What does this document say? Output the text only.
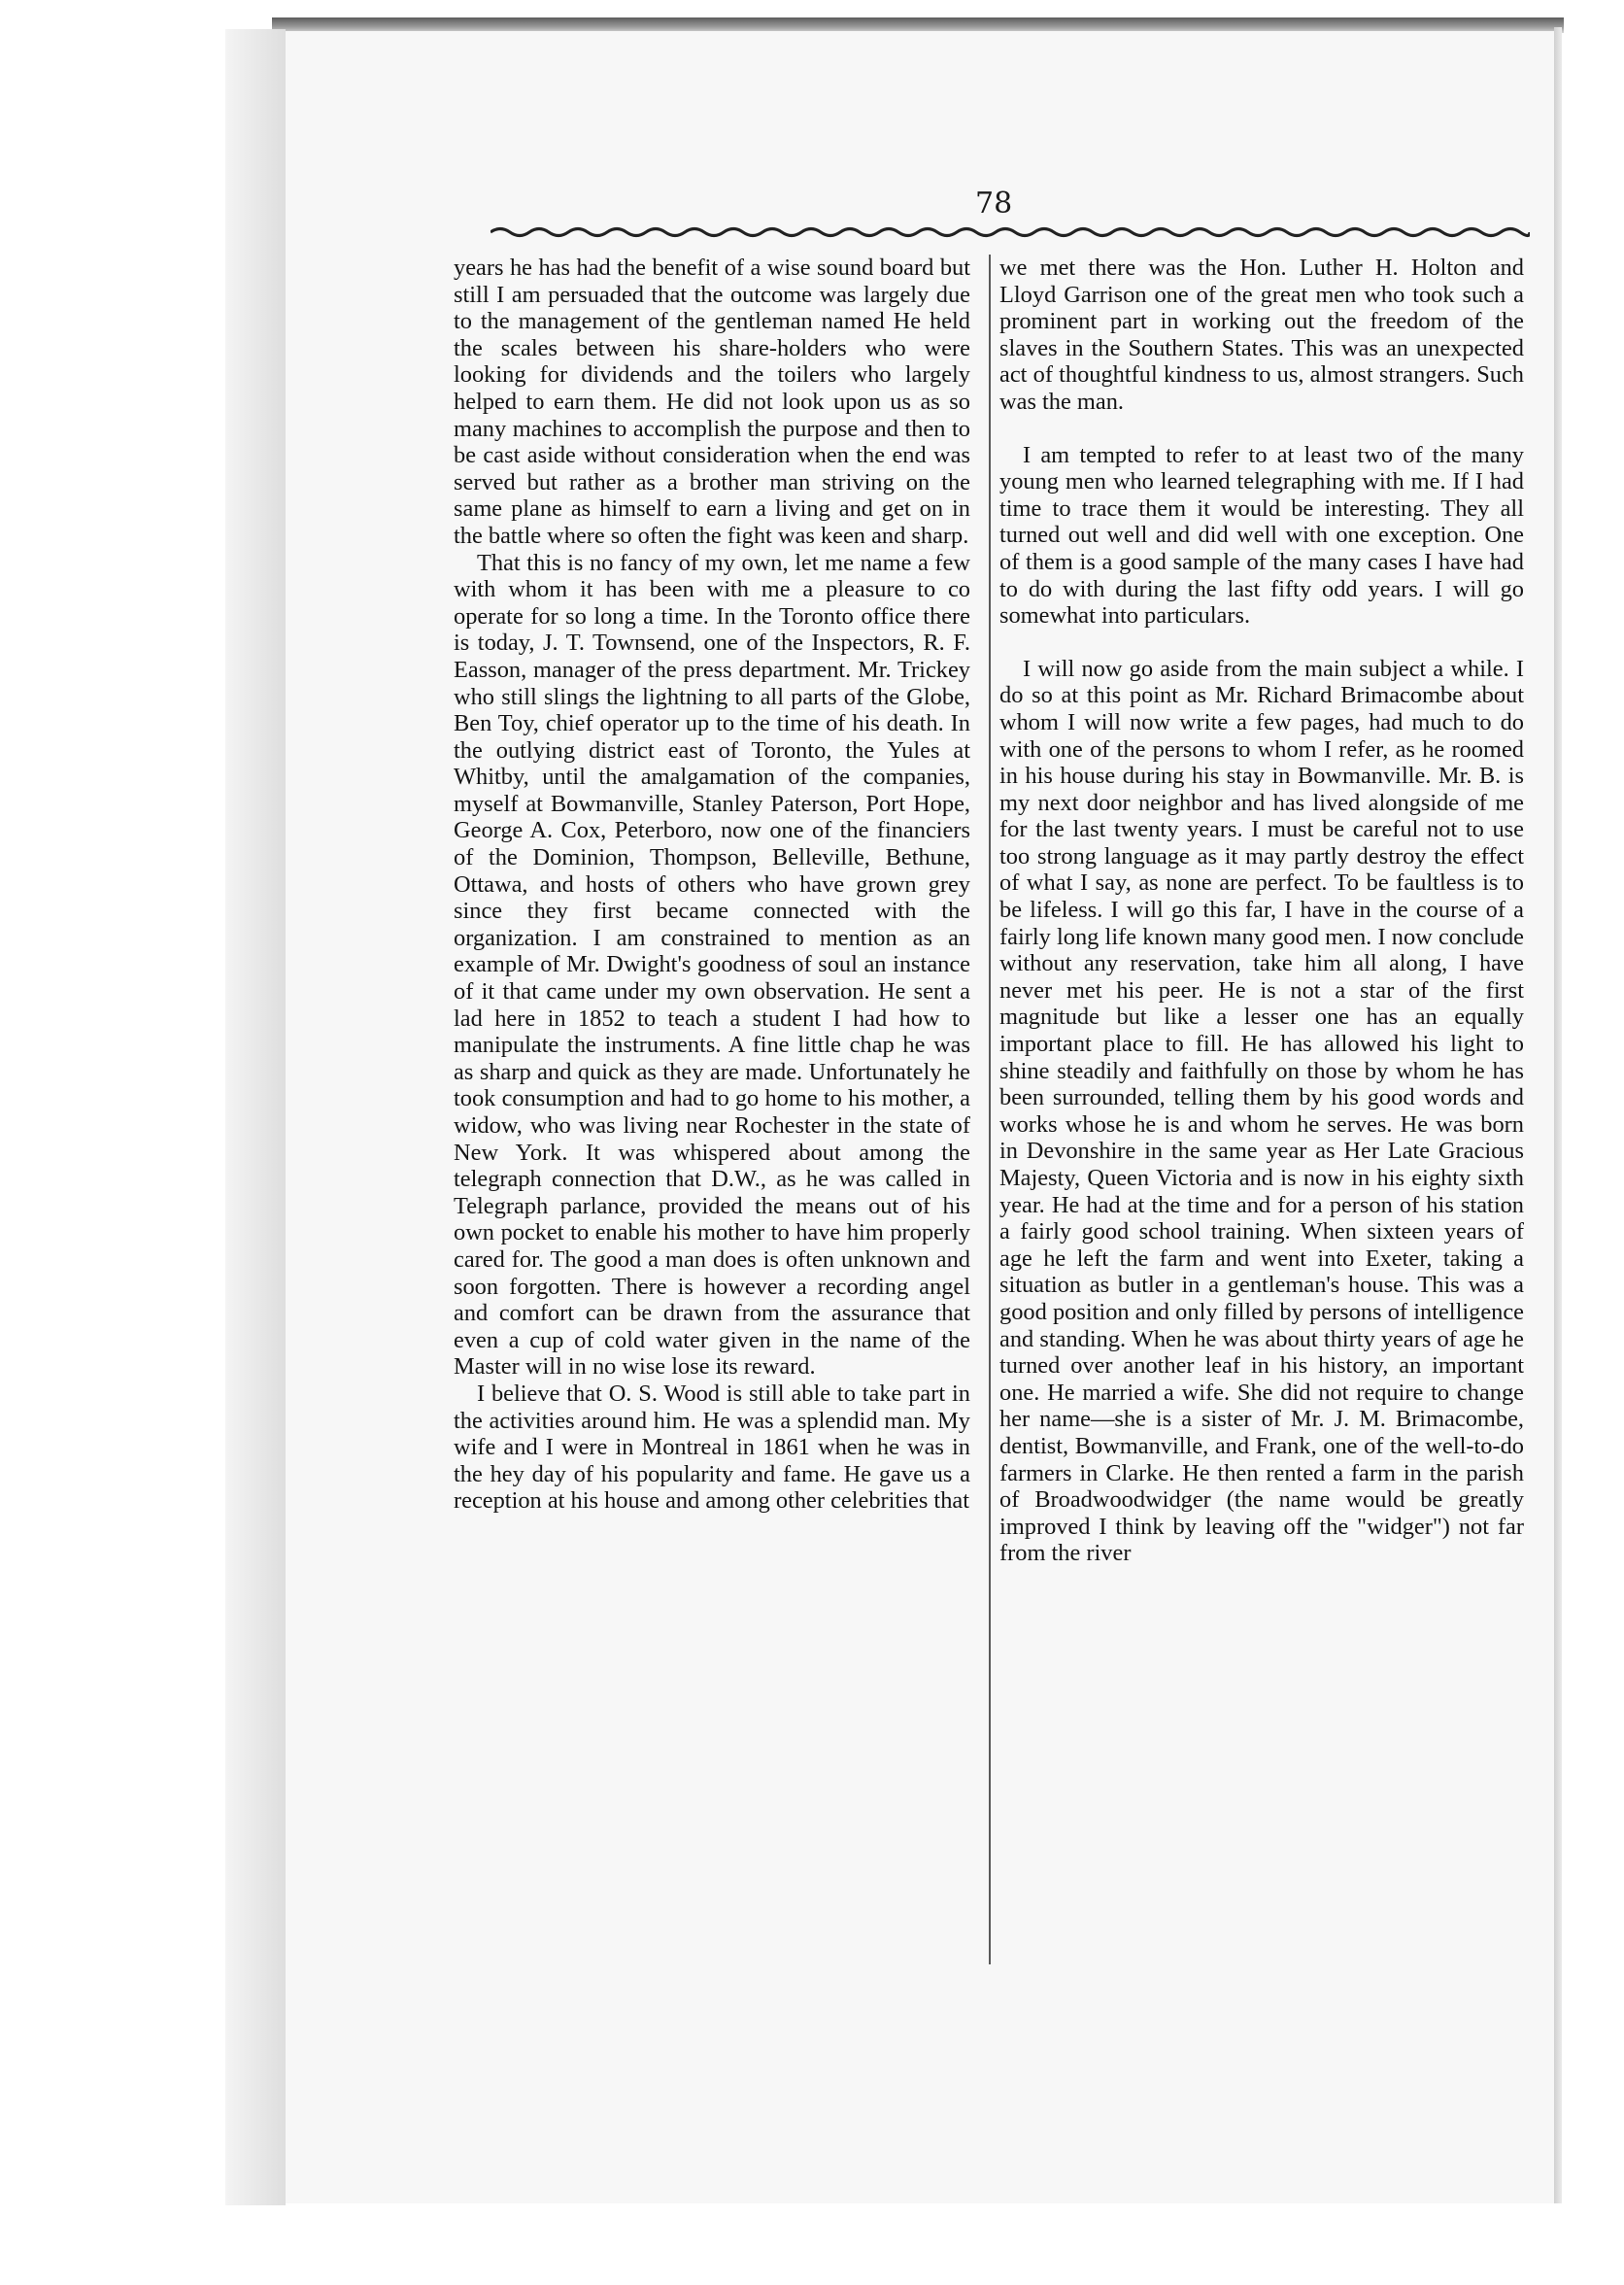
78

years he has had the benefit of a wise sound board but still I am persuaded that the outcome was largely due to the management of the gentleman named He held the scales between his share-holders who were looking for dividends and the toilers who largely helped to earn them. He did not look upon us as so many machines to accomplish the purpose and then to be cast aside without consideration when the end was served but rather as a brother man striving on the same plane as himself to earn a living and get on in the battle where so often the fight was keen and sharp.

That this is no fancy of my own, let me name a few with whom it has been with me a pleasure to co operate for so long a time. In the Toronto office there is today, J. T. Townsend, one of the Inspectors, R. F. Easson, manager of the press department. Mr. Trickey who still slings the lightning to all parts of the Globe, Ben Toy, chief operator up to the time of his death. In the outlying district east of Toronto, the Yules at Whitby, until the amalgamation of the companies, myself at Bowmanville, Stanley Paterson, Port Hope, George A. Cox, Peterboro, now one of the financiers of the Dominion, Thompson, Belleville, Bethune, Ottawa, and hosts of others who have grown grey since they first became connected with the organization. I am constrained to mention as an example of Mr. Dwight's goodness of soul an instance of it that came under my own observation. He sent a lad here in 1852 to teach a student I had how to manipulate the instruments. A fine little chap he was as sharp and quick as they are made. Unfortunately he took consumption and had to go home to his mother, a widow, who was living near Rochester in the state of New York. It was whispered about among the telegraph connection that D.W., as he was called in Telegraph parlance, provided the means out of his own pocket to enable his mother to have him properly cared for. The good a man does is often unknown and soon forgotten. There is however a recording angel and comfort can be drawn from the assurance that even a cup of cold water given in the name of the Master will in no wise lose its reward.

I believe that O. S. Wood is still able to take part in the activities around him. He was a splendid man. My wife and I were in Montreal in 1861 when he was in the hey day of his popularity and fame. He gave us a reception at his house and among other celebrities that

we met there was the Hon. Luther H. Holton and Lloyd Garrison one of the great men who took such a prominent part in working out the freedom of the slaves in the Southern States. This was an unexpected act of thoughtful kindness to us, almost strangers. Such was the man.

I am tempted to refer to at least two of the many young men who learned telegraphing with me. If I had time to trace them it would be interesting. They all turned out well and did well with one exception. One of them is a good sample of the many cases I have had to do with during the last fifty odd years. I will go somewhat into particulars.

I will now go aside from the main subject a while. I do so at this point as Mr. Richard Brimacombe about whom I will now write a few pages, had much to do with one of the persons to whom I refer, as he roomed in his house during his stay in Bowmanville. Mr. B. is my next door neighbor and has lived alongside of me for the last twenty years. I must be careful not to use too strong language as it may partly destroy the effect of what I say, as none are perfect. To be faultless is to be lifeless. I will go this far, I have in the course of a fairly long life known many good men. I now conclude without any reservation, take him all along, I have never met his peer. He is not a star of the first magnitude but like a lesser one has an equally important place to fill. He has allowed his light to shine steadily and faithfully on those by whom he has been surrounded, telling them by his good words and works whose he is and whom he serves. He was born in Devonshire in the same year as Her Late Gracious Majesty, Queen Victoria and is now in his eighty sixth year. He had at the time and for a person of his station a fairly good school training. When sixteen years of age he left the farm and went into Exeter, taking a situation as butler in a gentleman's house. This was a good position and only filled by persons of intelligence and standing. When he was about thirty years of age he turned over another leaf in his history, an important one. He married a wife. She did not require to change her name—she is a sister of Mr. J. M. Brimacombe, dentist, Bowmanville, and Frank, one of the well-to-do farmers in Clarke. He then rented a farm in the parish of Broadwoodwidger (the name would be greatly improved I think by leaving off the "widger") not far from the river
